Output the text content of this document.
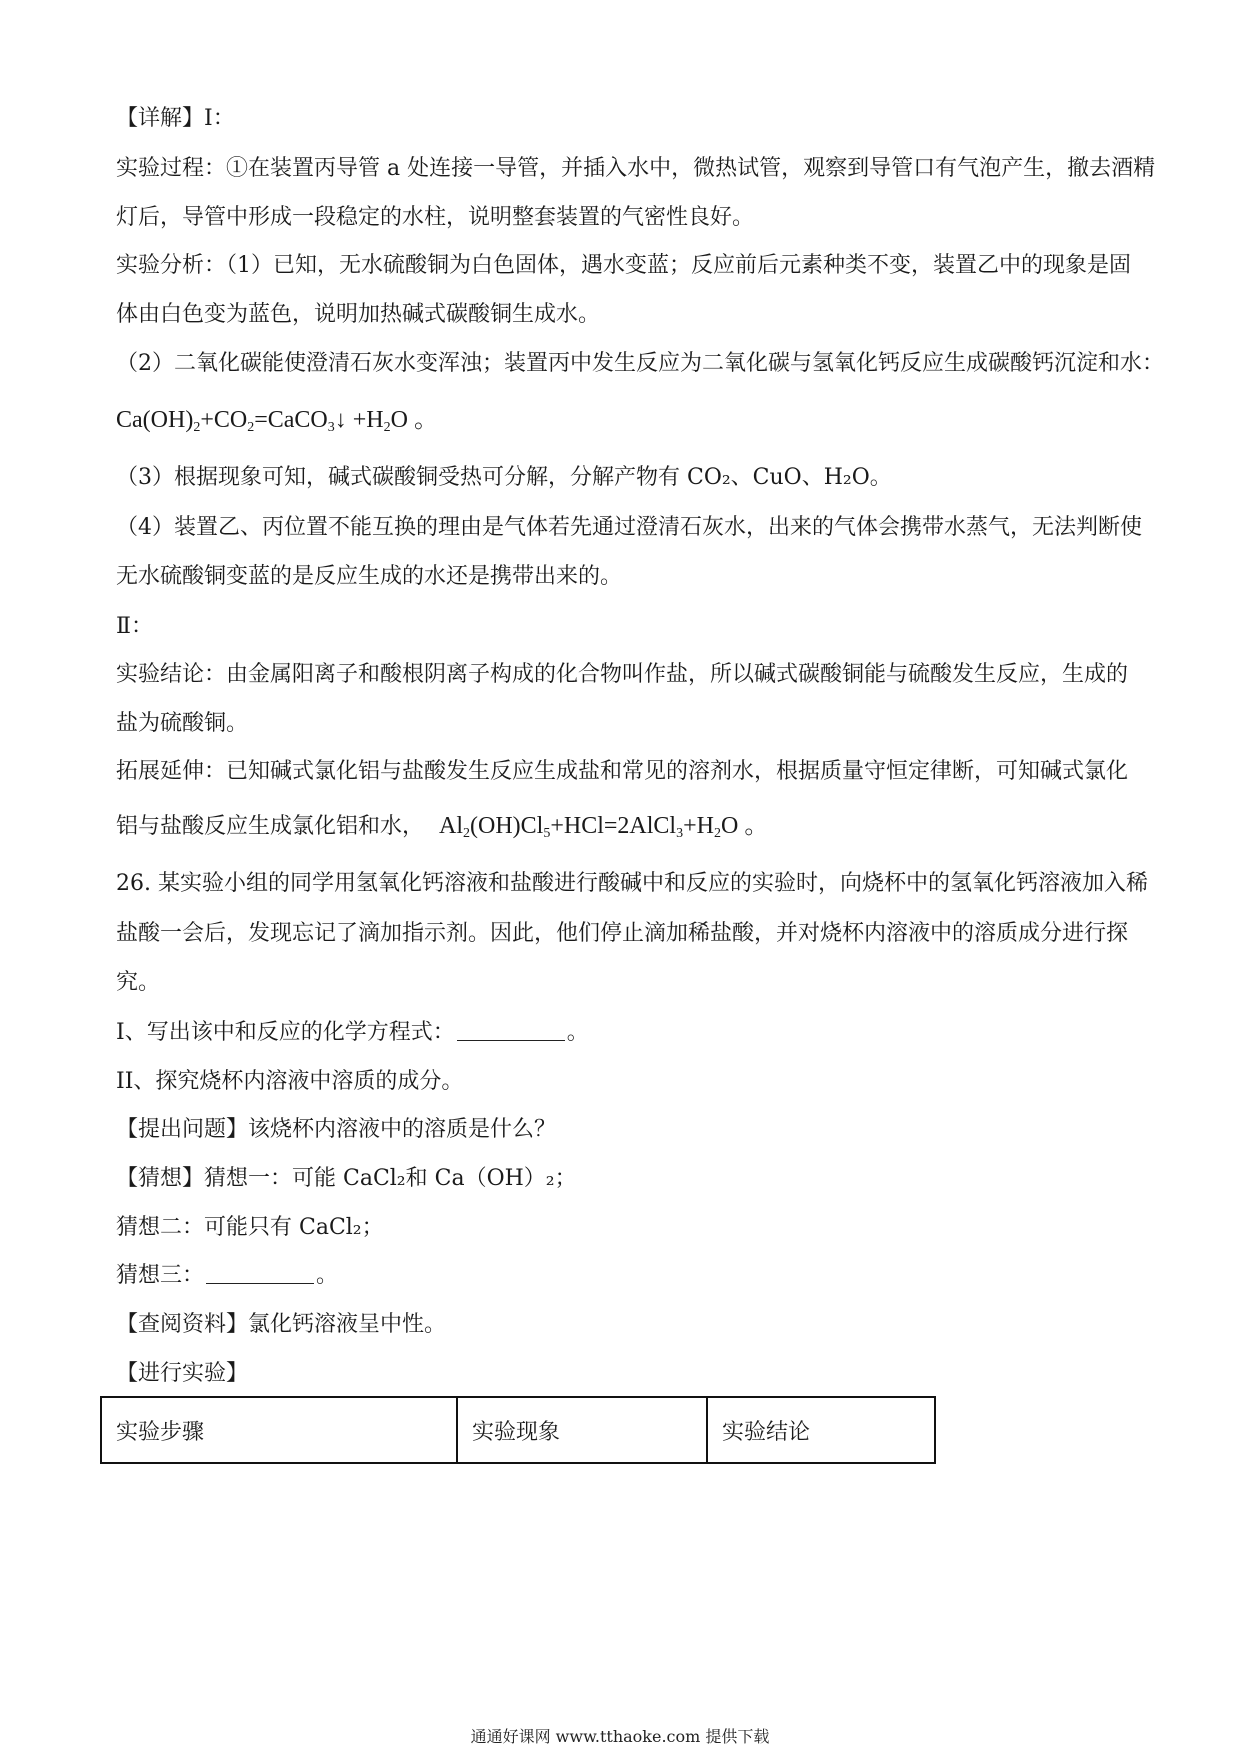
【详解】Ⅰ：
实验过程：①在装置丙导管 a 处连接一导管，并插入水中，微热试管，观察到导管口有气泡产生，撤去酒精
灯后，导管中形成一段稳定的水柱，说明整套装置的气密性良好。
实验分析：（1）已知，无水硫酸铜为白色固体，遇水变蓝；反应前后元素种类不变，装置乙中的现象是固
体由白色变为蓝色，说明加热碱式碳酸铜生成水。
（2）二氧化碳能使澄清石灰水变浑浊；装置丙中发生反应为二氧化碳与氢氧化钙反应生成碳酸钙沉淀和水：
$Ca(OH)_2+CO_2=CaCO_3↓ +H_2O$ 。
（3）根据现象可知，碱式碳酸铜受热可分解，分解产物有 CO₂、CuO、H₂O。
（4）装置乙、丙位置不能互换的理由是气体若先通过澄清石灰水，出来的气体会携带水蒸气，无法判断使
无水硫酸铜变蓝的是反应生成的水还是携带出来的。
Ⅱ：
实验结论：由金属阳离子和酸根阴离子构成的化合物叫作盐，所以碱式碳酸铜能与硫酸发生反应，生成的
盐为硫酸铜。
拓展延伸：已知碱式氯化铝与盐酸发生反应生成盐和常见的溶剂水，根据质量守恒定律断，可知碱式氯化
铝与盐酸反应生成氯化铝和水， $Al_2(OH)Cl_5+HCl=2AlCl_3+H_2O$ 。
26. 某实验小组的同学用氢氧化钙溶液和盐酸进行酸碱中和反应的实验时，向烧杯中的氢氧化钙溶液加入稀
盐酸一会后，发现忘记了滴加指示剂。因此，他们停止滴加稀盐酸，并对烧杯内溶液中的溶质成分进行探
究。
I、写出该中和反应的化学方程式：	。
II、探究烧杯内溶液中溶质的成分。
【提出问题】该烧杯内溶液中的溶质是什么？
【猜想】猜想一：可能 CaCl₂和 Ca（OH）₂；
猜想二：可能只有 CaCl₂；
猜想三：	。
【查阅资料】氯化钙溶液呈中性。
【进行实验】
实验步骤	实验现象	实验结论
通通好课网 www.tthaoke.com 提供下载
